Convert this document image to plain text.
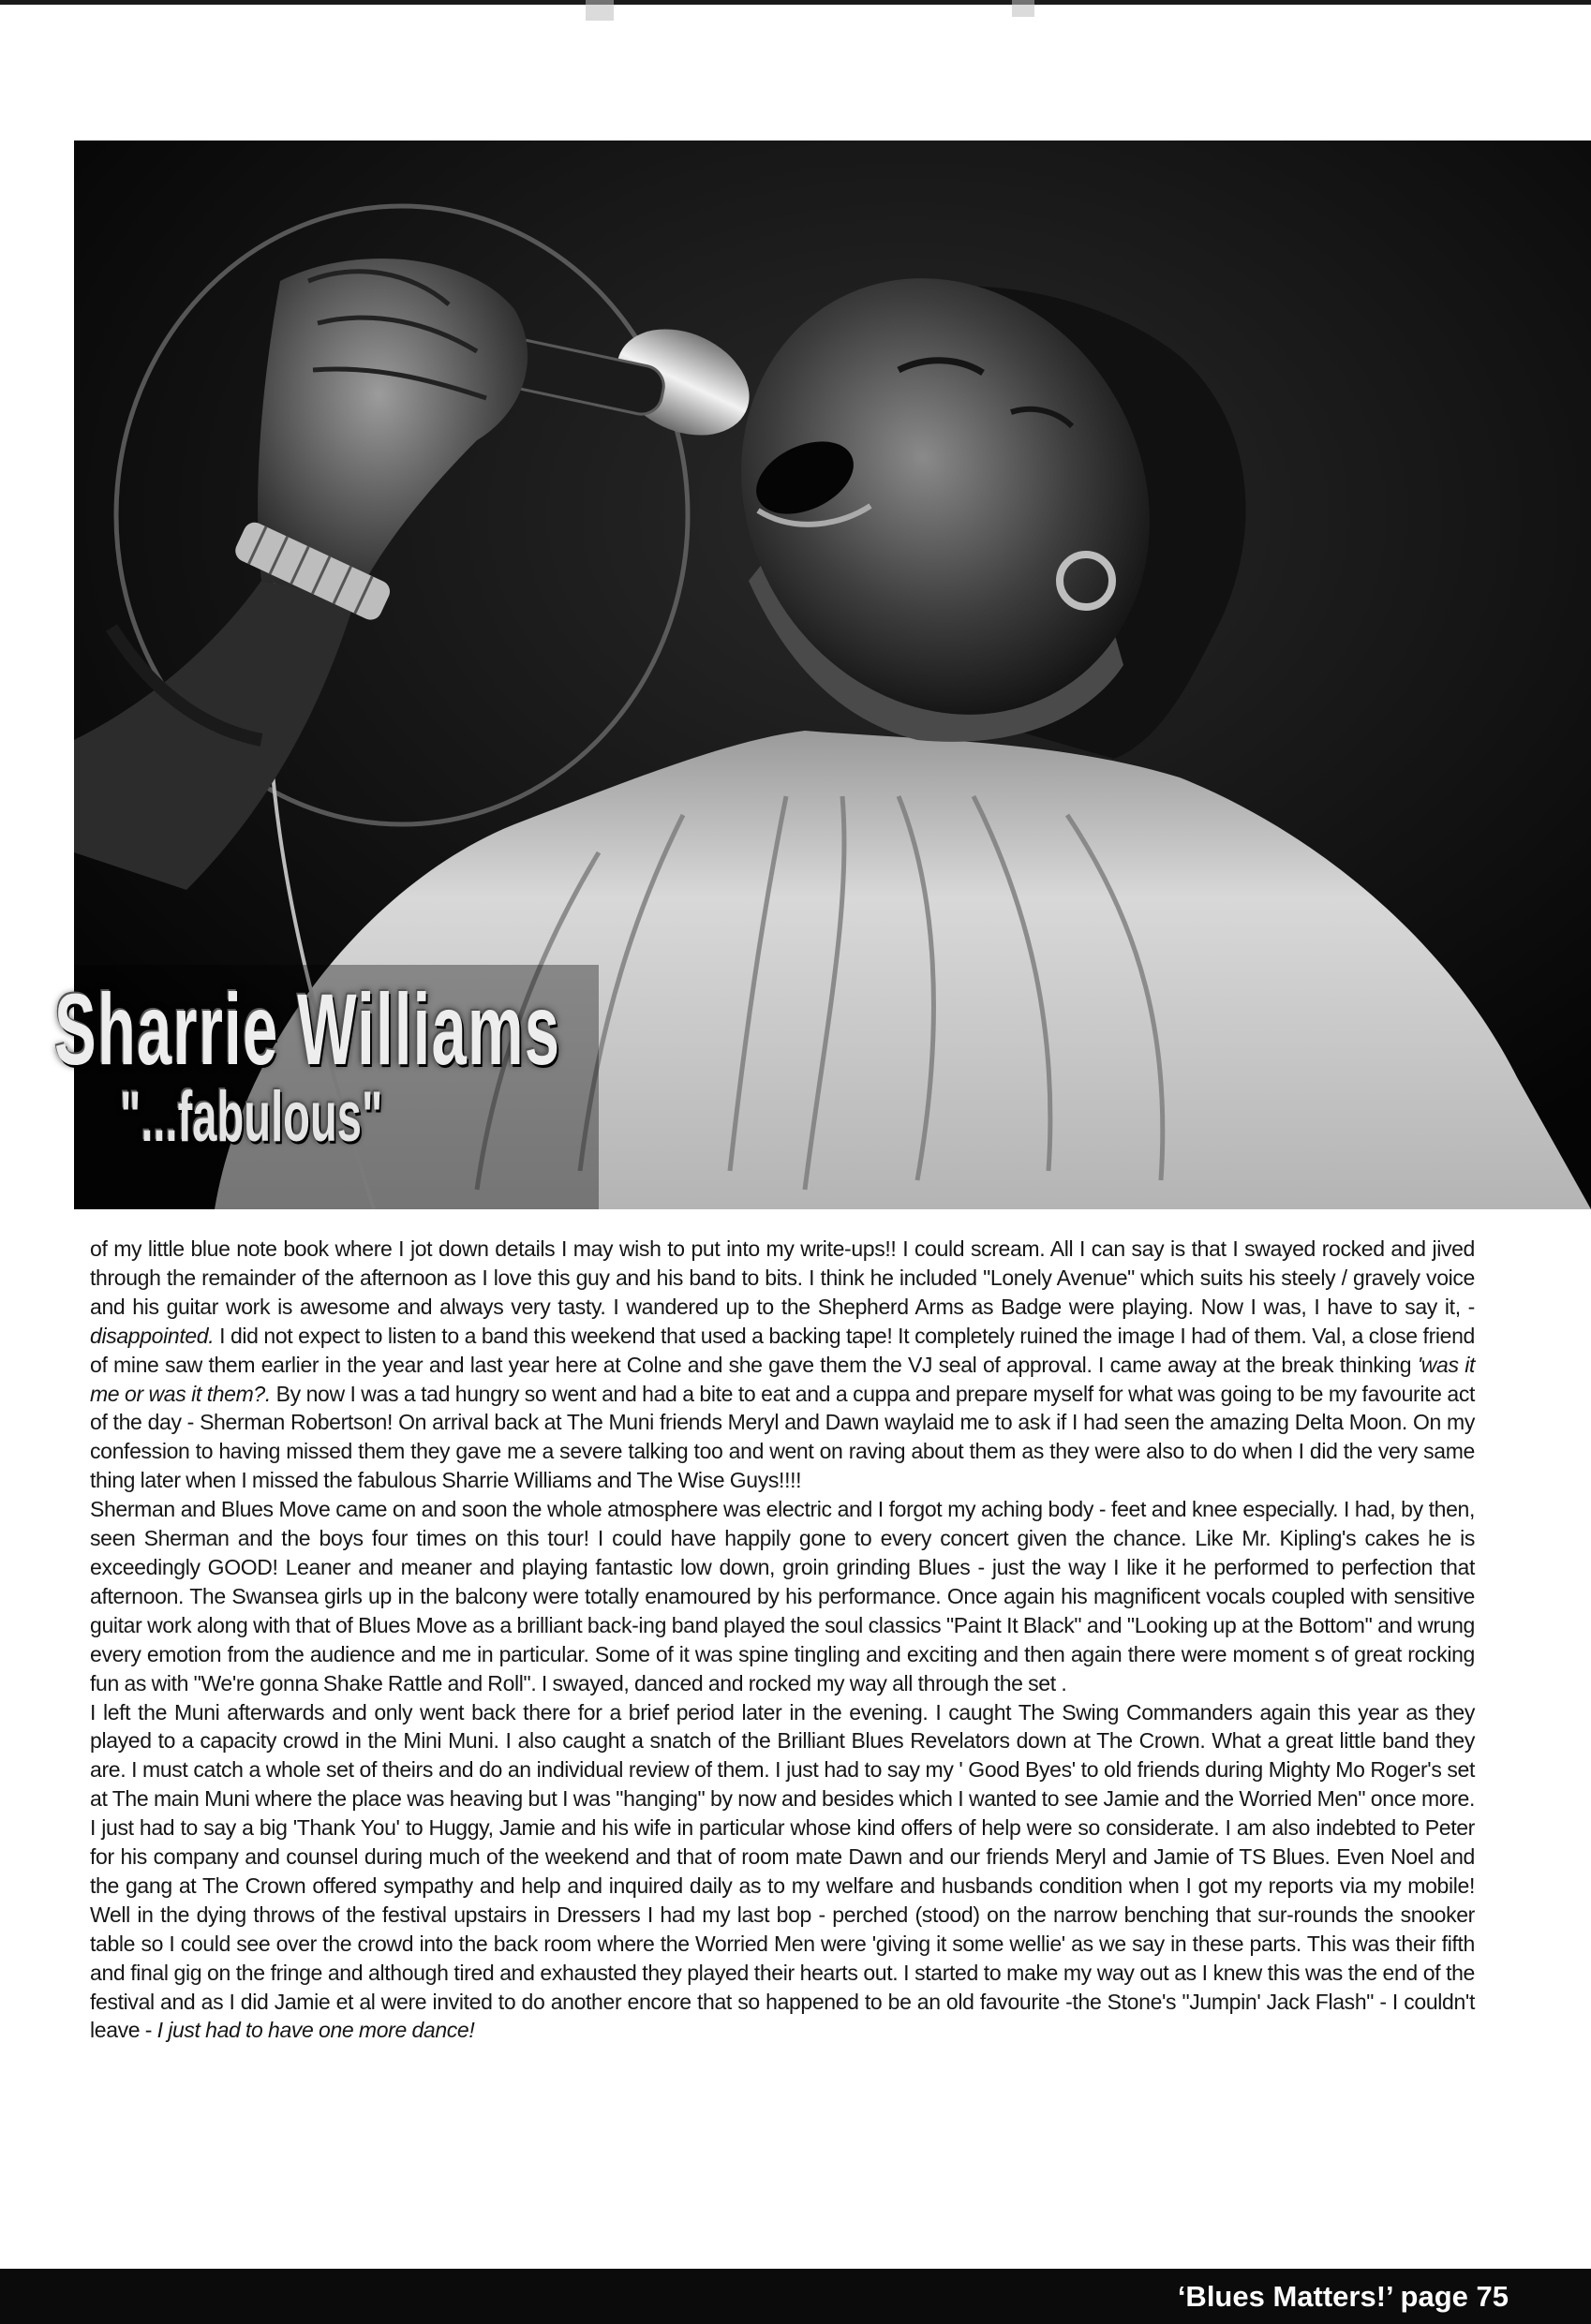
Sharrie Williams
"...fabulous"

of my little blue note book where I jot down details I may wish to put into my write-ups!! I could scream. All I can say is that I swayed rocked and jived through the remainder of the afternoon as I love this guy and his band to bits. I think he included "Lonely Avenue" which suits his steely / gravely voice and his guitar work is awesome and always very tasty. I wandered up to the Shepherd Arms as Badge were playing. Now I was, I have to say it, - disappointed. I did not expect to listen to a band this weekend that used a backing tape! It completely ruined the image I had of them. Val, a close friend of mine saw them earlier in the year and last year here at Colne and she gave them the VJ seal of approval. I came away at the break thinking 'was it me or was it them?. By now I was a tad hungry so went and had a bite to eat and a cuppa and prepare myself for what was going to be my favourite act of the day - Sherman Robertson! On arrival back at The Muni friends Meryl and Dawn waylaid me to ask if I had seen the amazing Delta Moon. On my confession to having missed them they gave me a severe talking too and went on raving about them as they were also to do when I did the very same thing later when I missed the fabulous Sharrie Williams and The Wise Guys!!!!

Sherman and Blues Move came on and soon the whole atmosphere was electric and I forgot my aching body - feet and knee especially. I had, by then, seen Sherman and the boys four times on this tour! I could have happily gone to every concert given the chance. Like Mr. Kipling's cakes he is exceedingly GOOD! Leaner and meaner and playing fantastic low down, groin grinding Blues - just the way I like it he performed to perfection that afternoon. The Swansea girls up in the balcony were totally enamoured by his performance. Once again his magnificent vocals coupled with sensitive guitar work along with that of Blues Move as a brilliant back-ing band played the soul classics "Paint It Black" and "Looking up at the Bottom" and wrung every emotion from the audience and me in particular. Some of it was spine tingling and exciting and then again there were moment s of great rocking fun as with "We're gonna Shake Rattle and Roll". I swayed, danced and rocked my way all through the set .

I left the Muni afterwards and only went back there for a brief period later in the evening. I caught The Swing Commanders again this year as they played to a capacity crowd in the Mini Muni. I also caught a snatch of the Brilliant Blues Revelators down at The Crown. What a great little band they are. I must catch a whole set of theirs and do an individual review of them. I just had to say my ' Good Byes' to old friends during Mighty Mo Roger's set at The main Muni where the place was heaving but I was "hanging" by now and besides which I wanted to see Jamie and the Worried Men" once more. I just had to say a big 'Thank You' to Huggy, Jamie and his wife in particular whose kind offers of help were so considerate. I am also indebted to Peter for his company and counsel during much of the weekend and that of room mate Dawn and our friends Meryl and Jamie of TS Blues. Even Noel and the gang at The Crown offered sympathy and help and inquired daily as to my welfare and husbands condition when I got my reports via my mobile! Well in the dying throws of the festival upstairs in Dressers I had my last bop - perched (stood) on the narrow benching that sur-rounds the snooker table so I could see over the crowd into the back room where the Worried Men were 'giving it some wellie' as we say in these parts. This was their fifth and final gig on the fringe and although tired and exhausted they played their hearts out. I started to make my way out as I knew this was the end of the festival and as I did Jamie et al were invited to do another encore that so happened to be an old favourite -the Stone's "Jumpin' Jack Flash" - I couldn't leave - I just had to have one more dance!

‘Blues Matters!’ page 75
